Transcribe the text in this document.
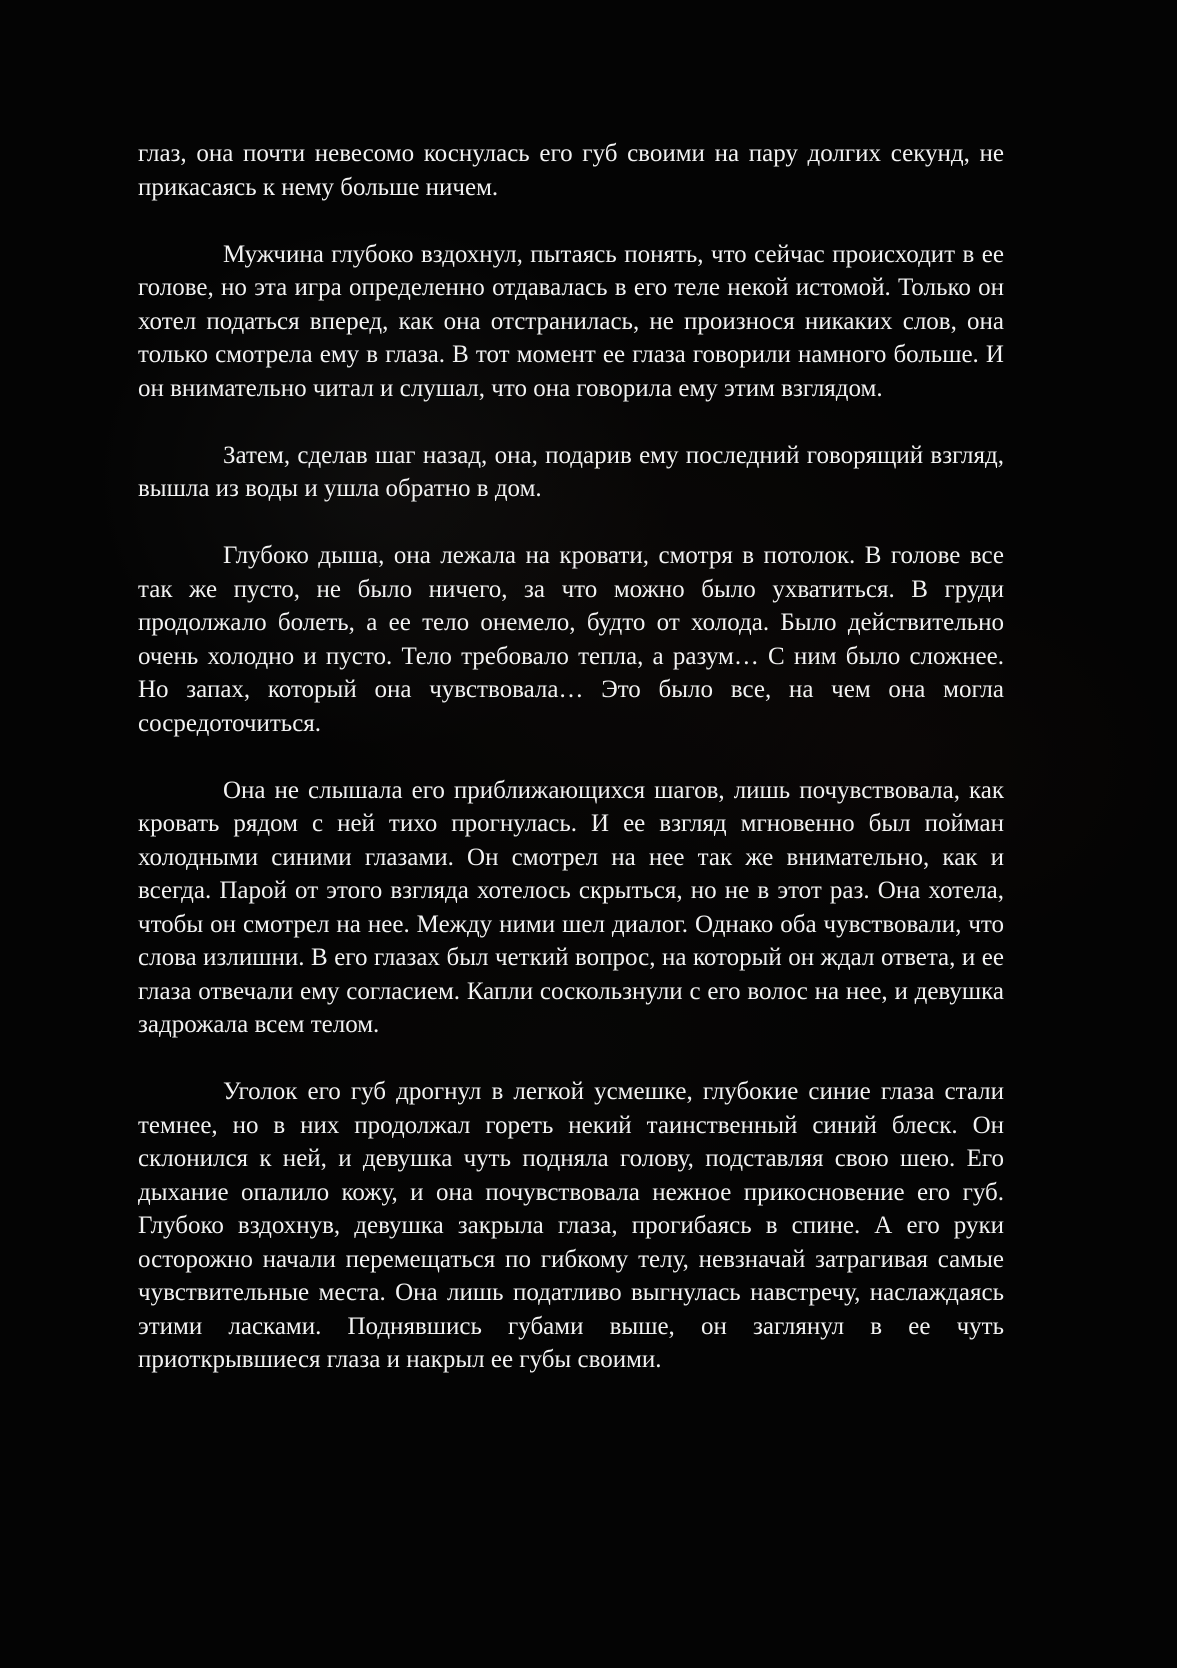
глаз, она почти невесомо коснулась его губ своими на пару долгих секунд, не прикасаясь к нему больше ничем.

Мужчина глубоко вздохнул, пытаясь понять, что сейчас происходит в ее голове, но эта игра определенно отдавалась в его теле некой истомой. Только он хотел податься вперед, как она отстранилась, не произнося никаких слов, она только смотрела ему в глаза. В тот момент ее глаза говорили намного больше. И он внимательно читал и слушал, что она говорила ему этим взглядом.

Затем, сделав шаг назад, она, подарив ему последний говорящий взгляд, вышла из воды и ушла обратно в дом.

Глубоко дыша, она лежала на кровати, смотря в потолок. В голове все так же пусто, не было ничего, за что можно было ухватиться. В груди продолжало болеть, а ее тело онемело, будто от холода. Было действительно очень холодно и пусто. Тело требовало тепла, а разум… С ним было сложнее. Но запах, который она чувствовала… Это было все, на чем она могла сосредоточиться.

Она не слышала его приближающихся шагов, лишь почувствовала, как кровать рядом с ней тихо прогнулась. И ее взгляд мгновенно был пойман холодными синими глазами. Он смотрел на нее так же внимательно, как и всегда. Парой от этого взгляда хотелось скрыться, но не в этот раз. Она хотела, чтобы он смотрел на нее. Между ними шел диалог. Однако оба чувствовали, что слова излишни. В его глазах был четкий вопрос, на который он ждал ответа, и ее глаза отвечали ему согласием. Капли соскользнули с его волос на нее, и девушка задрожала всем телом.

Уголок его губ дрогнул в легкой усмешке, глубокие синие глаза стали темнее, но в них продолжал гореть некий таинственный синий блеск. Он склонился к ней, и девушка чуть подняла голову, подставляя свою шею. Его дыхание опалило кожу, и она почувствовала нежное прикосновение его губ. Глубоко вздохнув, девушка закрыла глаза, прогибаясь в спине. А его руки осторожно начали перемещаться по гибкому телу, невзначай затрагивая самые чувствительные места. Она лишь податливо выгнулась навстречу, наслаждаясь этими ласками. Поднявшись губами выше, он заглянул в ее чуть приоткрывшиеся глаза и накрыл ее губы своими.
